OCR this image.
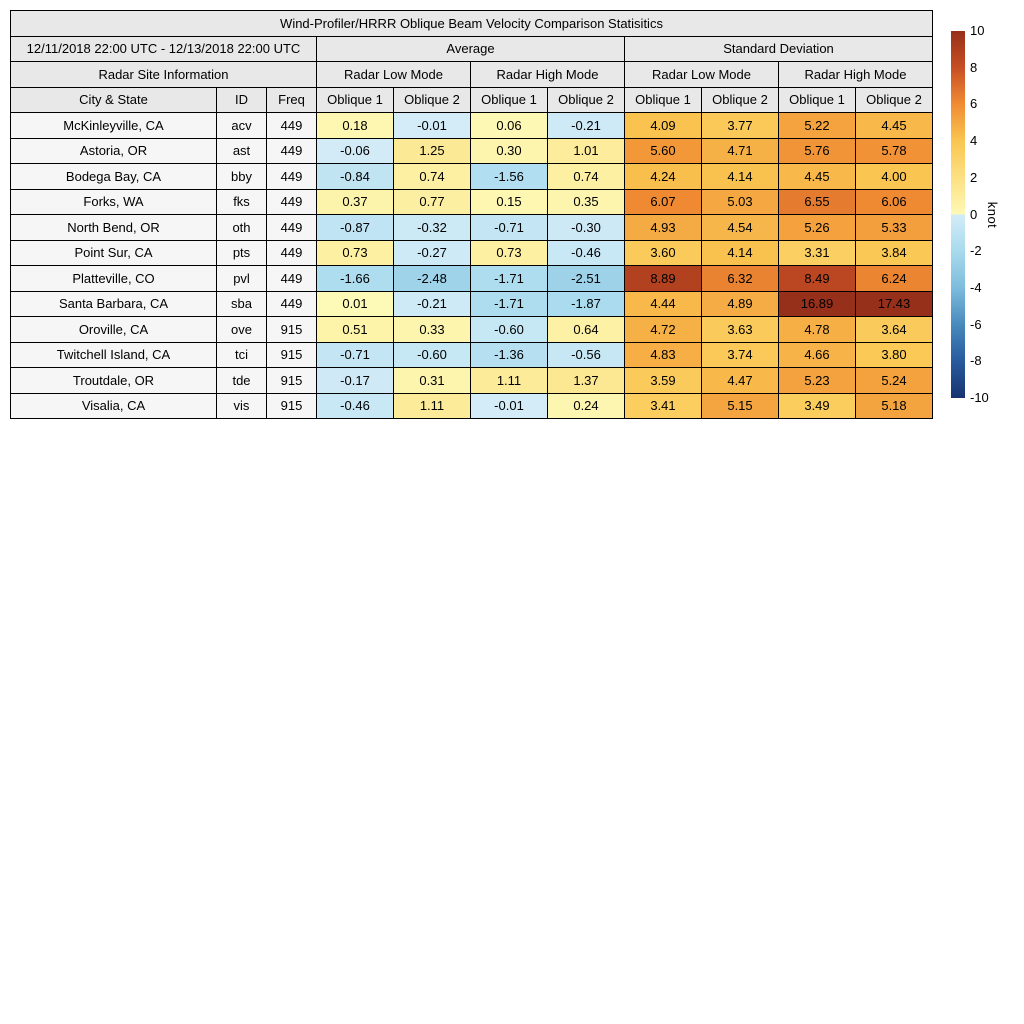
Wind-Profiler/HRRR Oblique Beam Velocity Comparison Statisitics										
12/11/2018 22:00 UTC - 12/13/2018 22:00 UTC			Average				Standard Deviation			
Radar Site Information			Radar Low Mode		Radar High Mode		Radar Low Mode		Radar High Mode	
City & State	ID	Freq	Oblique 1	Oblique 2	Oblique 1	Oblique 2	Oblique 1	Oblique 2	Oblique 1	Oblique 2
McKinleyville, CA	acv	449	0.18	-0.01	0.06	-0.21	4.09	3.77	5.22	4.45
Astoria, OR	ast	449	-0.06	1.25	0.30	1.01	5.60	4.71	5.76	5.78
Bodega Bay, CA	bby	449	-0.84	0.74	-1.56	0.74	4.24	4.14	4.45	4.00
Forks, WA	fks	449	0.37	0.77	0.15	0.35	6.07	5.03	6.55	6.06
North Bend, OR	oth	449	-0.87	-0.32	-0.71	-0.30	4.93	4.54	5.26	5.33
Point Sur, CA	pts	449	0.73	-0.27	0.73	-0.46	3.60	4.14	3.31	3.84
Platteville, CO	pvl	449	-1.66	-2.48	-1.71	-2.51	8.89	6.32	8.49	6.24
Santa Barbara, CA	sba	449	0.01	-0.21	-1.71	-1.87	4.44	4.89	16.89	17.43
Oroville, CA	ove	915	0.51	0.33	-0.60	0.64	4.72	3.63	4.78	3.64
Twitchell Island, CA	tci	915	-0.71	-0.60	-1.36	-0.56	4.83	3.74	4.66	3.80
Troutdale, OR	tde	915	-0.17	0.31	1.11	1.37	3.59	4.47	5.23	5.24
Visalia, CA	vis	915	-0.46	1.11	-0.01	0.24	3.41	5.15	3.49	5.18
knot
10
8
6
4
2
0
-2
-4
-6
-8
-10
